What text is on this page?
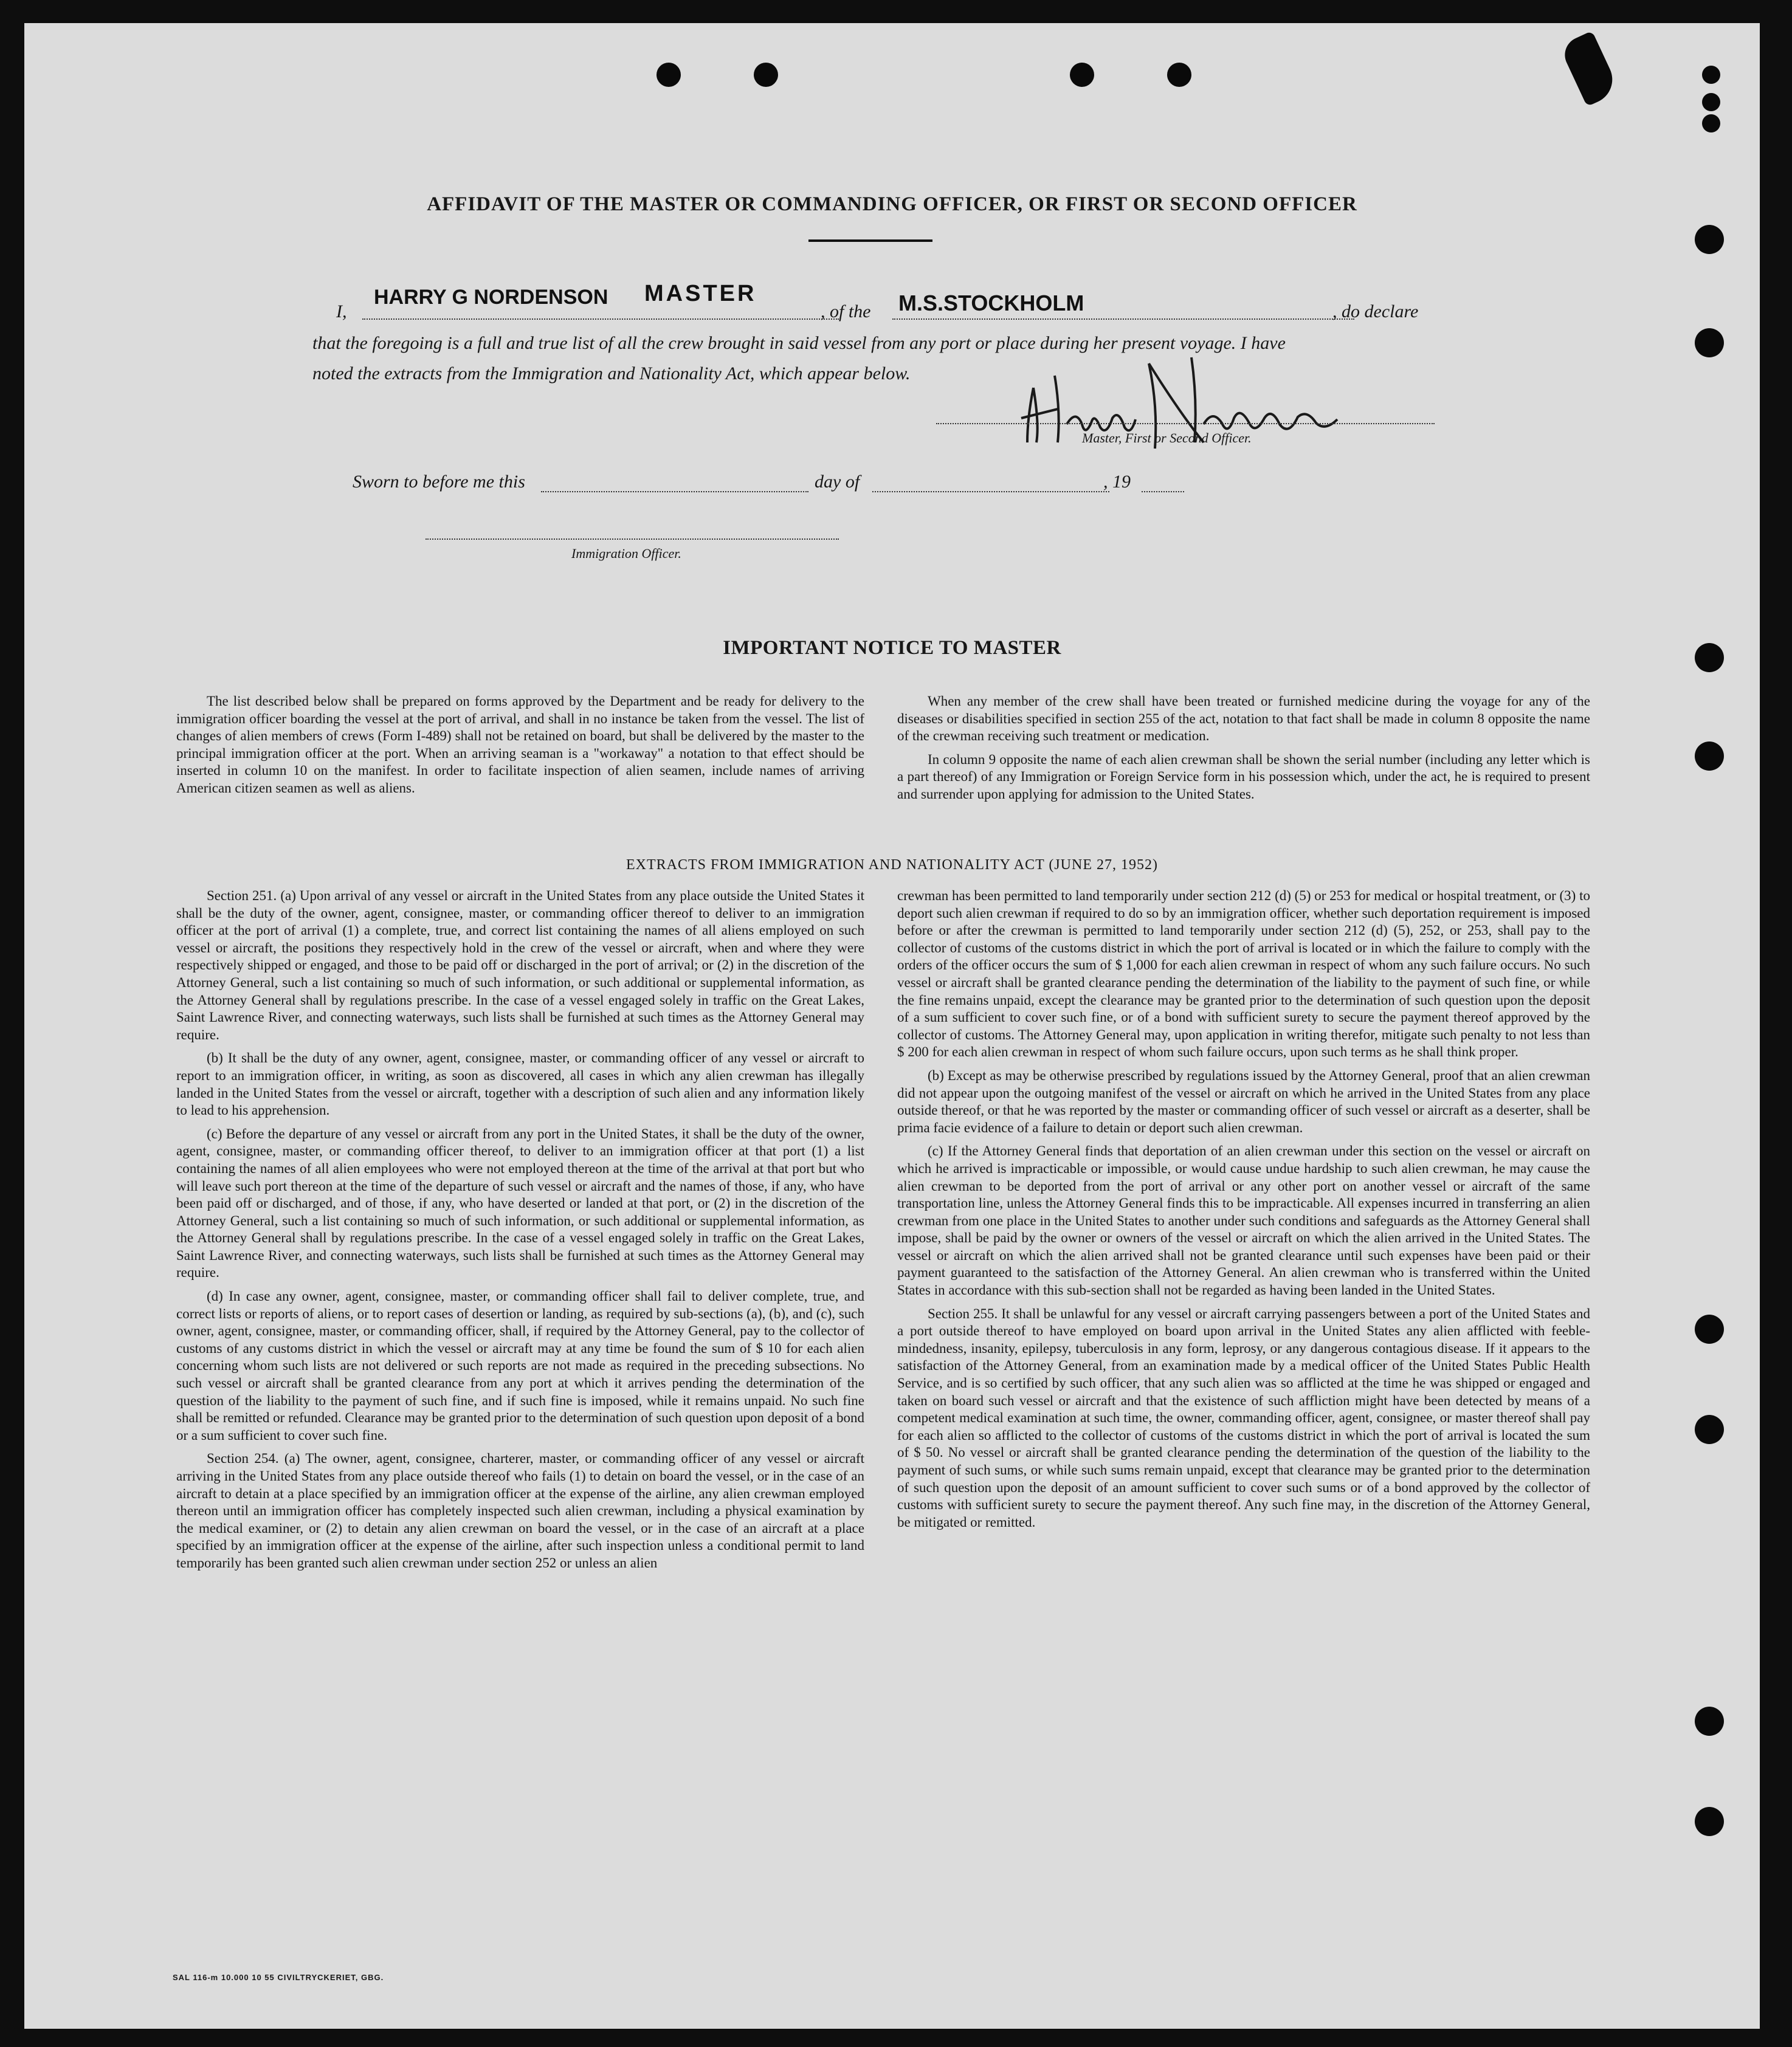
AFFIDAVIT OF THE MASTER OR COMMANDING OFFICER, OR FIRST OR SECOND OFFICER
I,
HARRY G NORDENSON MASTER
, of the M.S.STOCKHOLM	, do declare
that the foregoing is a full and true list of all the crew brought in said vessel from any port or place during her present voyage. I have
noted the extracts from the Immigration and Nationality Act, which appear below.
Master, First or Second Officer.
Sworn to before me this	day of	, 19
Immigration Officer.
IMPORTANT NOTICE TO MASTER

The list described below shall be prepared on forms approved by the Department and be ready for delivery to the immigration officer boarding the vessel at the port of arrival, and shall in no instance be taken from the vessel. The list of changes of alien members of crews (Form I-489) shall not be retained on board, but shall be delivered by the master to the principal immigration officer at the port. When an arriving seaman is a "workaway" a notation to that effect should be inserted in column 10 on the manifest. In order to facilitate inspection of alien seamen, include names of arriving American citizen seamen as well as aliens.

When any member of the crew shall have been treated or furnished medicine during the voyage for any of the diseases or disabilities specified in section 255 of the act, notation to that fact shall be made in column 8 opposite the name of the crewman receiving such treatment or medication.

In column 9 opposite the name of each alien crewman shall be shown the serial number (including any letter which is a part thereof) of any Immigration or Foreign Service form in his possession which, under the act, he is required to present and surrender upon applying for admission to the United States.

EXTRACTS FROM IMMIGRATION AND NATIONALITY ACT (JUNE 27, 1952)

Section 251. (a) Upon arrival of any vessel or aircraft in the United States from any place outside the United States it shall be the duty of the owner, agent, consignee, master, or commanding officer thereof to deliver to an immigration officer at the port of arrival (1) a complete, true, and correct list containing the names of all aliens employed on such vessel or aircraft, the positions they respectively hold in the crew of the vessel or aircraft, when and where they were respectively shipped or engaged, and those to be paid off or discharged in the port of arrival; or (2) in the discretion of the Attorney General, such a list containing so much of such information, or such additional or supplemental information, as the Attorney General shall by regulations prescribe. In the case of a vessel engaged solely in traffic on the Great Lakes, Saint Lawrence River, and connecting waterways, such lists shall be furnished at such times as the Attorney General may require.

(b) It shall be the duty of any owner, agent, consignee, master, or commanding officer of any vessel or aircraft to report to an immigration officer, in writing, as soon as discovered, all cases in which any alien crewman has illegally landed in the United States from the vessel or aircraft, together with a description of such alien and any information likely to lead to his apprehension.

(c) Before the departure of any vessel or aircraft from any port in the United States, it shall be the duty of the owner, agent, consignee, master, or commanding officer thereof, to deliver to an immigration officer at that port (1) a list containing the names of all alien employees who were not employed thereon at the time of the arrival at that port but who will leave such port thereon at the time of the departure of such vessel or aircraft and the names of those, if any, who have been paid off or discharged, and of those, if any, who have deserted or landed at that port, or (2) in the discretion of the Attorney General, such a list containing so much of such information, or such additional or supplemental information, as the Attorney General shall by regulations prescribe. In the case of a vessel engaged solely in traffic on the Great Lakes, Saint Lawrence River, and connecting waterways, such lists shall be furnished at such times as the Attorney General may require.

(d) In case any owner, agent, consignee, master, or commanding officer shall fail to deliver complete, true, and correct lists or reports of aliens, or to report cases of desertion or landing, as required by sub-sections (a), (b), and (c), such owner, agent, consignee, master, or commanding officer, shall, if required by the Attorney General, pay to the collector of customs of any customs district in which the vessel or aircraft may at any time be found the sum of $ 10 for each alien concerning whom such lists are not delivered or such reports are not made as required in the preceding subsections. No such vessel or aircraft shall be granted clearance from any port at which it arrives pending the determination of the question of the liability to the payment of such fine, and if such fine is imposed, while it remains unpaid. No such fine shall be remitted or refunded. Clearance may be granted prior to the determination of such question upon deposit of a bond or a sum sufficient to cover such fine.

Section 254. (a) The owner, agent, consignee, charterer, master, or commanding officer of any vessel or aircraft arriving in the United States from any place outside thereof who fails (1) to detain on board the vessel, or in the case of an aircraft to detain at a place specified by an immigration officer at the expense of the airline, any alien crewman employed thereon until an immigration officer has completely inspected such alien crewman, including a physical examination by the medical examiner, or (2) to detain any alien crewman on board the vessel, or in the case of an aircraft at a place specified by an immigration officer at the expense of the airline, after such inspection unless a conditional permit to land temporarily has been granted such alien crewman under section 252 or unless an alien

crewman has been permitted to land temporarily under section 212 (d) (5) or 253 for medical or hospital treatment, or (3) to deport such alien crewman if required to do so by an immigration officer, whether such deportation requirement is imposed before or after the crewman is permitted to land temporarily under section 212 (d) (5), 252, or 253, shall pay to the collector of customs of the customs district in which the port of arrival is located or in which the failure to comply with the orders of the officer occurs the sum of $ 1,000 for each alien crewman in respect of whom any such failure occurs. No such vessel or aircraft shall be granted clearance pending the determination of the liability to the payment of such fine, or while the fine remains unpaid, except the clearance may be granted prior to the determination of such question upon the deposit of a sum sufficient to cover such fine, or of a bond with sufficient surety to secure the payment thereof approved by the collector of customs. The Attorney General may, upon application in writing therefor, mitigate such penalty to not less than $ 200 for each alien crewman in respect of whom such failure occurs, upon such terms as he shall think proper.

(b) Except as may be otherwise prescribed by regulations issued by the Attorney General, proof that an alien crewman did not appear upon the outgoing manifest of the vessel or aircraft on which he arrived in the United States from any place outside thereof, or that he was reported by the master or commanding officer of such vessel or aircraft as a deserter, shall be prima facie evidence of a failure to detain or deport such alien crewman.

(c) If the Attorney General finds that deportation of an alien crewman under this section on the vessel or aircraft on which he arrived is impracticable or impossible, or would cause undue hardship to such alien crewman, he may cause the alien crewman to be deported from the port of arrival or any other port on another vessel or aircraft of the same transportation line, unless the Attorney General finds this to be impracticable. All expenses incurred in transferring an alien crewman from one place in the United States to another under such conditions and safeguards as the Attorney General shall impose, shall be paid by the owner or owners of the vessel or aircraft on which the alien arrived in the United States. The vessel or aircraft on which the alien arrived shall not be granted clearance until such expenses have been paid or their payment guaranteed to the satisfaction of the Attorney General. An alien crewman who is transferred within the United States in accordance with this sub-section shall not be regarded as having been landed in the United States.

Section 255. It shall be unlawful for any vessel or aircraft carrying passengers between a port of the United States and a port outside thereof to have employed on board upon arrival in the United States any alien afflicted with feeble-mindedness, insanity, epilepsy, tuberculosis in any form, leprosy, or any dangerous contagious disease. If it appears to the satisfaction of the Attorney General, from an examination made by a medical officer of the United States Public Health Service, and is so certified by such officer, that any such alien was so afflicted at the time he was shipped or engaged and taken on board such vessel or aircraft and that the existence of such affliction might have been detected by means of a competent medical examination at such time, the owner, commanding officer, agent, consignee, or master thereof shall pay for each alien so afflicted to the collector of customs of the customs district in which the port of arrival is located the sum of $ 50. No vessel or aircraft shall be granted clearance pending the determination of the question of the liability to the payment of such sums, or while such sums remain unpaid, except that clearance may be granted prior to the determination of such question upon the deposit of an amount sufficient to cover such sums or of a bond approved by the collector of customs with sufficient surety to secure the payment thereof. Any such fine may, in the discretion of the Attorney General, be mitigated or remitted.

SAL 116-m 10.000 10 55 CIVILTRYCKERIET, GBG.
